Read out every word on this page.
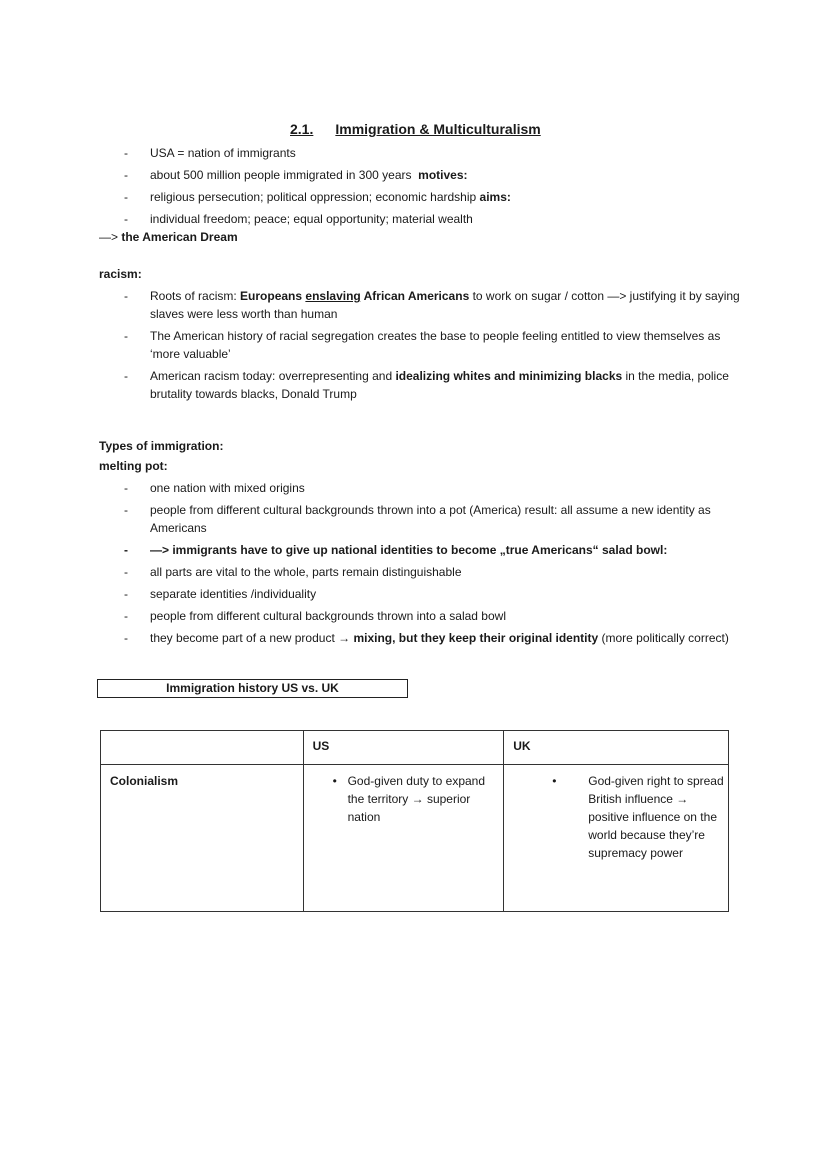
2.1. Immigration & Multiculturalism
- USA = nation of immigrants
- about 500 million people immigrated in 300 years motives:
- religious persecution; political oppression; economic hardship aims:
- individual freedom; peace; equal opportunity; material wealth
—> the American Dream
racism:
- Roots of racism: Europeans enslaving African Americans to work on sugar / cotton —> justifying it by saying slaves were less worth than human
- The American history of racial segregation creates the base to people feeling entitled to view themselves as ‘more valuable’
- American racism today: overrepresenting and idealizing whites and minimizing blacks in the media, police brutality towards blacks, Donald Trump
Types of immigration:
melting pot:
- one nation with mixed origins
- people from different cultural backgrounds thrown into a pot (America) result: all assume a new identity as Americans
- —> immigrants have to give up national identities to become „true Americans“ salad bowl:
- all parts are vital to the whole, parts remain distinguishable
- separate identities /individuality
- people from different cultural backgrounds thrown into a salad bowl
- they become part of a new product → mixing, but they keep their original identity (more politically correct)
Immigration history US vs. UK

	US	UK

Colonialism	• God-given duty to expand the territory → superior nation	• God-given right to spread British influence → positive influence on the world because they’re supremacy power
